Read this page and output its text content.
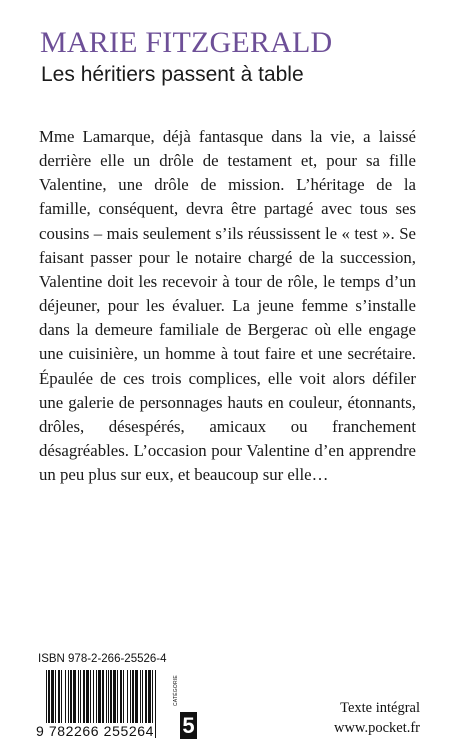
MARIE FITZGERALD
Les héritiers passent à table

Mme Lamarque, déjà fantasque dans la vie, a laissé derrière elle un drôle de testament et, pour sa fille Valentine, une drôle de mission. L’héritage de la famille, conséquent, devra être partagé avec tous ses cousins – mais seulement s’ils réussissent le « test ». Se faisant passer pour le notaire chargé de la succession, Valentine doit les recevoir à tour de rôle, le temps d’un déjeuner, pour les évaluer. La jeune femme s’installe dans la demeure familiale de Bergerac où elle engage une cuisinière, un homme à tout faire et une secrétaire. Épaulée de ces trois complices, elle voit alors défiler une galerie de personnages hauts en couleur, étonnants, drôles, désespérés, amicaux ou franchement désagréables. L’occasion pour Valentine d’en apprendre un peu plus sur eux, et beaucoup sur elle…

ISBN 978-2-266-25526-4
9 782266 255264
CATÉGORIE
5
Texte intégral
www.pocket.fr
